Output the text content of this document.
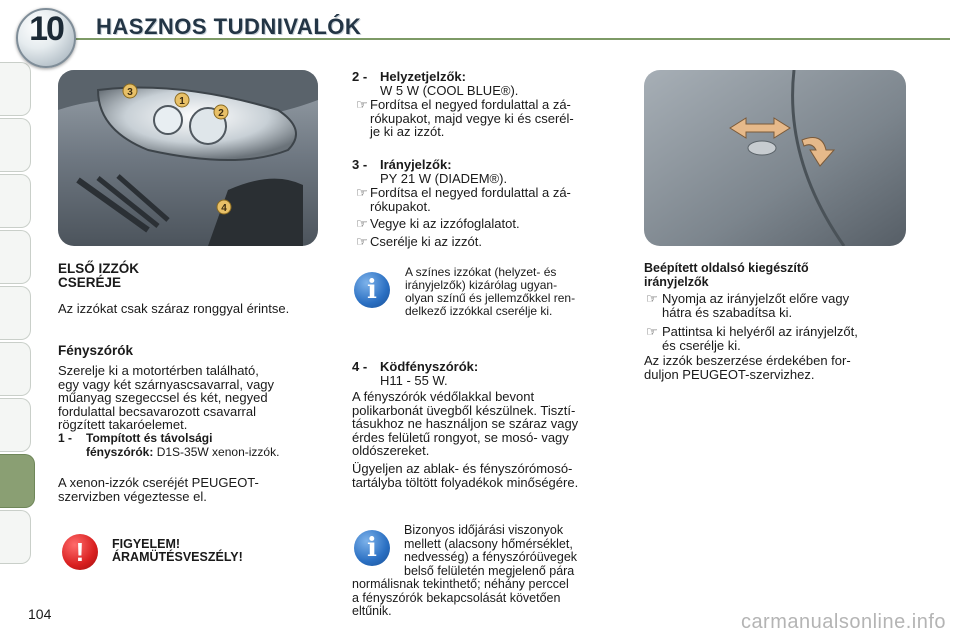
10	HASZNOS TUDNIVALÓK
3
1
2
4
ELSŐ IZZÓK
CSERÉJE
Az izzókat csak száraz ronggyal érintse.
Fényszórók
Szerelje ki a motortérben található,
egy vagy két szárnyascsavarral, vagy
műanyag szegeccsel és két, negyed
fordulattal becsavarozott csavarral
rögzített takaróelemet.
1 - Tompított és távolsági
fényszórók: D1S-35W xenon-izzók.
A xenon-izzók cseréjét PEUGEOT-
szervizben végeztesse el.
!	FIGYELEM!
ÁRAMÜTÉSVESZÉLY!
2 - Helyzetjelzők:
W 5 W (COOL BLUE®).
☞ Fordítsa el negyed fordulattal a zá-
rókupakot, majd vegye ki és cserél-
je ki az izzót.
3 - Irányjelzők:
PY 21 W (DIADEM®).
☞ Fordítsa el negyed fordulattal a zá-
rókupakot.
☞ Vegye ki az izzófoglalatot.
☞ Cserélje ki az izzót.
i
A színes izzókat (helyzet- és
irányjelzők) kizárólag ugyan-
olyan színű és jellemzőkkel ren-
delkező izzókkal cserélje ki.
4 - Ködfényszórók:
H11 - 55 W.
A fényszórók védőlakkal bevont
polikarbonát üvegből készülnek. Tisztí-
tásukhoz ne használjon se száraz vagy
érdes felületű rongyot, se mosó- vagy
oldószereket.
Ügyeljen az ablak- és fényszórómosó-
tartályba töltött folyadékok minőségére.
i
Bizonyos időjárási viszonyok
mellett (alacsony hőmérséklet,
nedvesség) a fényszóróüvegek
belső felületén megjelenő pára
normálisnak tekinthető; néhány perccel
a fényszórók bekapcsolását követően
eltűnik.
Beépített oldalsó kiegészítő
irányjelzők
☞ Nyomja az irányjelzőt előre vagy
hátra és szabadítsa ki.
☞ Pattintsa ki helyéről az irányjelzőt,
és cserélje ki.
Az izzók beszerzése érdekében for-
duljon PEUGEOT-szervizhez.
104	carmanualsonline.info
